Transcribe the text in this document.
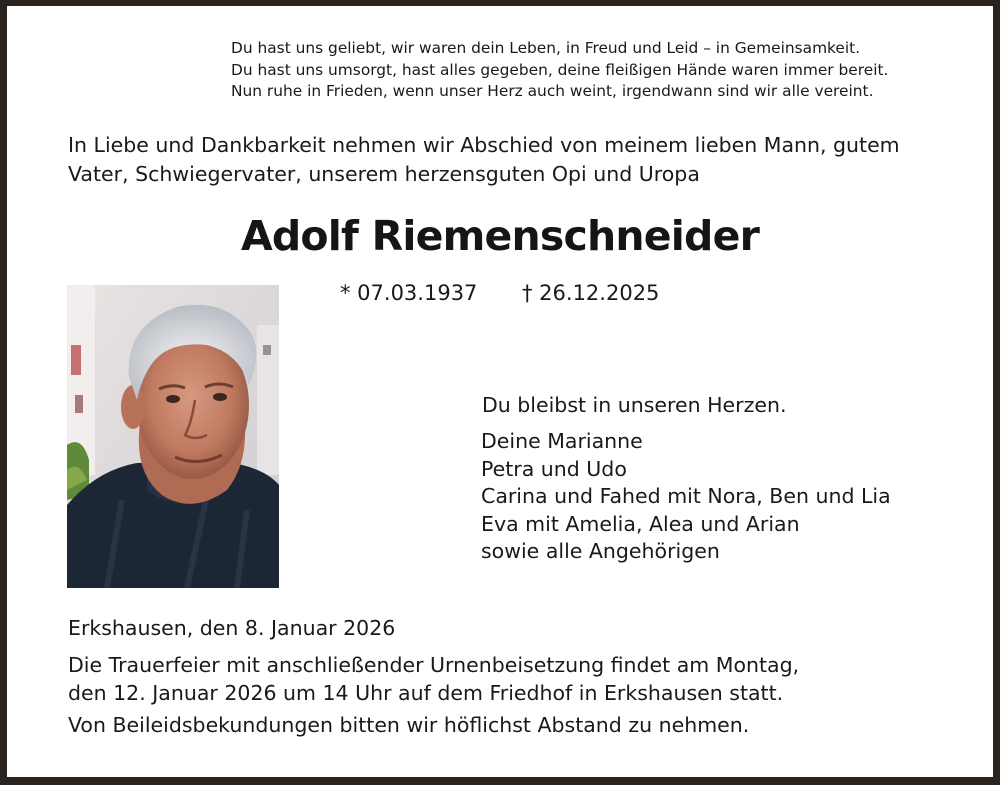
Du hast uns geliebt, wir waren dein Leben, in Freud und Leid – in Gemeinsamkeit.
Du hast uns umsorgt, hast alles gegeben, deine fleißigen Hände waren immer bereit.
Nun ruhe in Frieden, wenn unser Herz auch weint, irgendwann sind wir alle vereint.
In Liebe und Dankbarkeit nehmen wir Abschied von meinem lieben Mann, gutem
Vater, Schwiegervater, unserem herzensguten Opi und Uropa
Adolf Riemenschneider
* 07.03.1937 † 26.12.2025
Du bleibst in unseren Herzen.
Deine Marianne
Petra und Udo
Carina und Fahed mit Nora, Ben und Lia
Eva mit Amelia, Alea und Arian
sowie alle Angehörigen
Erkshausen, den 8. Januar 2026
Die Trauerfeier mit anschließender Urnenbeisetzung findet am Montag,
den 12. Januar 2026 um 14 Uhr auf dem Friedhof in Erkshausen statt.
Von Beileidsbekundungen bitten wir höflichst Abstand zu nehmen.
